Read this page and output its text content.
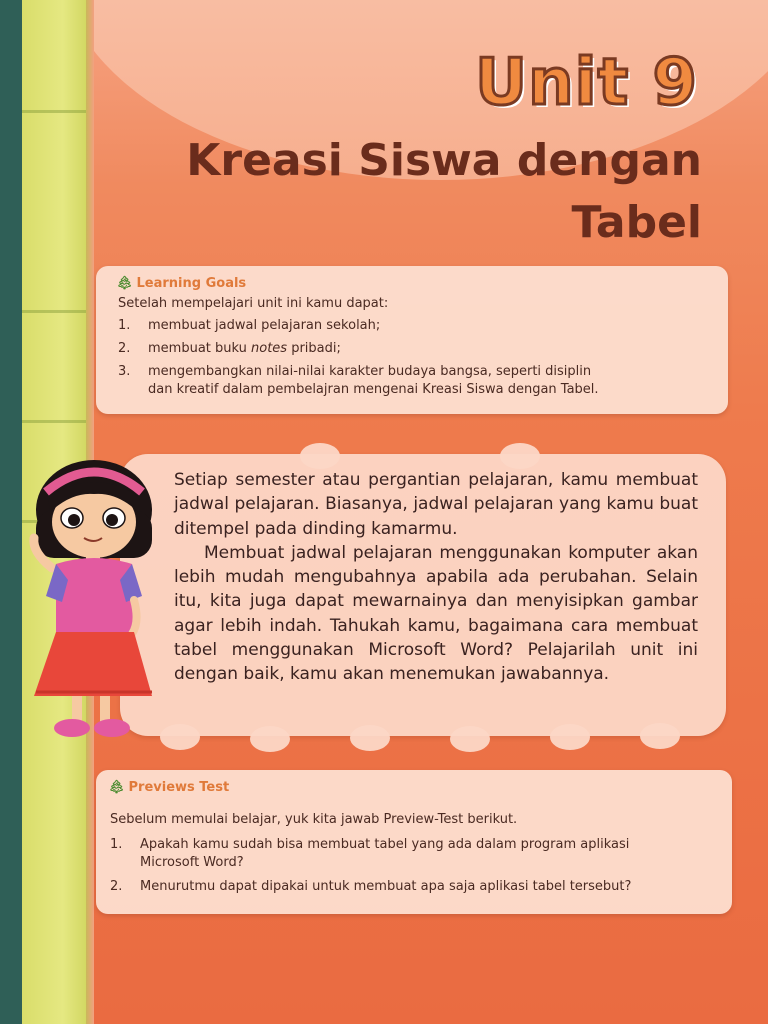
Unit 9
Kreasi Siswa dengan
Tabel
🌲︎ Learning Goals
Setelah mempelajari unit ini kamu dapat:
1. membuat jadwal pelajaran sekolah;
2. membuat buku notes pribadi;
3. mengembangkan nilai-nilai karakter budaya bangsa, seperti disiplin
dan kreatif dalam pembelajran mengenai Kreasi Siswa dengan Tabel.

Setiap semester atau pergantian pelajaran, kamu membuat jadwal pelajaran. Biasanya, jadwal pelajaran yang kamu buat ditempel pada dinding kamarmu.

Membuat jadwal pelajaran menggunakan komputer akan lebih mudah mengubahnya apabila ada perubahan. Selain itu, kita juga dapat mewarnainya dan menyisipkan gambar agar lebih indah. Tahukah kamu, bagaimana cara membuat tabel menggunakan Microsoft Word? Pelajarilah unit ini dengan baik, kamu akan menemukan jawabannya.

🌲︎ Previews Test
Sebelum memulai belajar, yuk kita jawab Preview-Test berikut.
1. Apakah kamu sudah bisa membuat tabel yang ada dalam program aplikasi
Microsoft Word?
2. Menurutmu dapat dipakai untuk membuat apa saja aplikasi tabel tersebut?
